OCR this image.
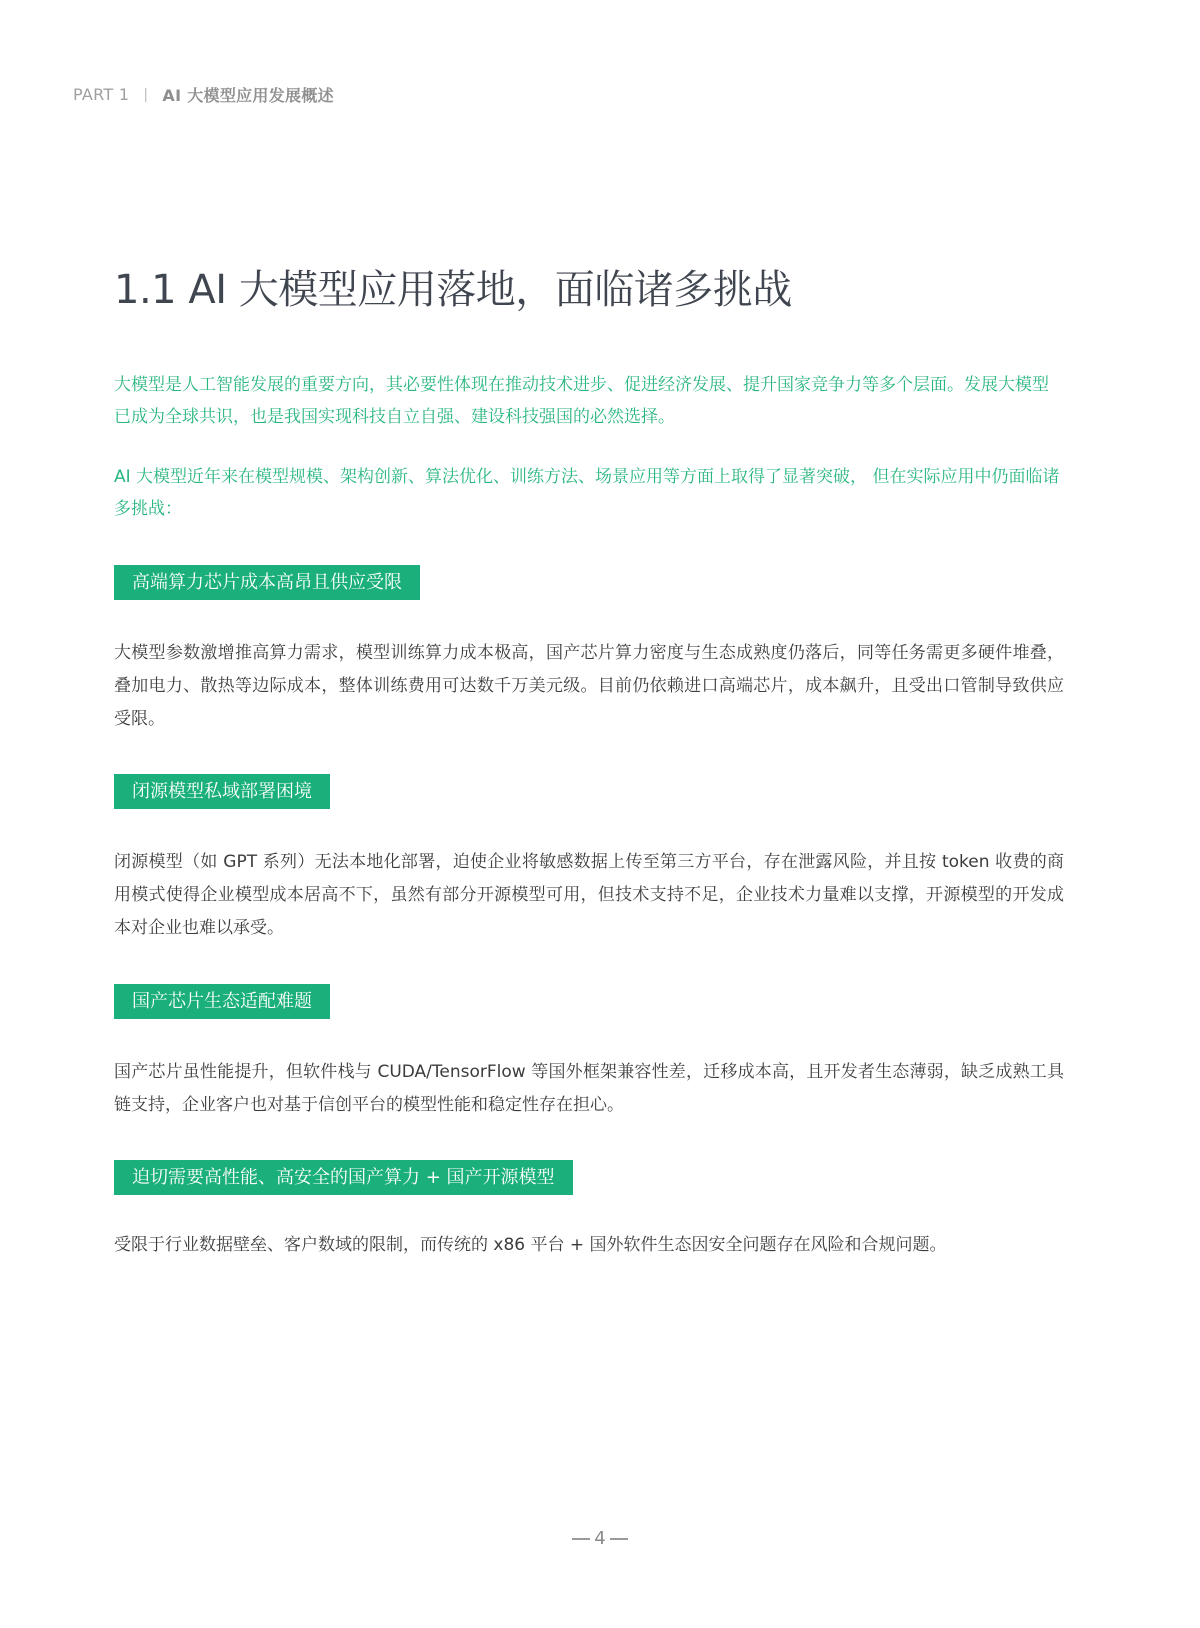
PART 1 | AI 大模型应用发展概述
1.1 AI 大模型应用落地，面临诸多挑战

大模型是人工智能发展的重要方向，其必要性体现在推动技术进步、促进经济发展、提升国家竞争力等多个层面。发展大模型已成为全球共识，也是我国实现科技自立自强、建设科技强国的必然选择。

AI 大模型近年来在模型规模、架构创新、算法优化、训练方法、场景应用等方面上取得了显著突破， 但在实际应用中仍面临诸多挑战：

高端算力芯片成本高昂且供应受限

大模型参数激增推高算力需求，模型训练算力成本极高，国产芯片算力密度与生态成熟度仍落后，同等任务需更多硬件堆叠，叠加电力、散热等边际成本，整体训练费用可达数千万美元级。目前仍依赖进口高端芯片，成本飙升，且受出口管制导致供应受限。

闭源模型私域部署困境

闭源模型（如 GPT 系列）无法本地化部署，迫使企业将敏感数据上传至第三方平台，存在泄露风险，并且按 token 收费的商用模式使得企业模型成本居高不下，虽然有部分开源模型可用，但技术支持不足，企业技术力量难以支撑，开源模型的开发成本对企业也难以承受。

国产芯片生态适配难题

国产芯片虽性能提升，但软件栈与 CUDA/TensorFlow 等国外框架兼容性差，迁移成本高，且开发者生态薄弱，缺乏成熟工具链支持，企业客户也对基于信创平台的模型性能和稳定性存在担心。

迫切需要高性能、高安全的国产算力 + 国产开源模型

受限于行业数据壁垒、客户数域的限制，而传统的 x86 平台 + 国外软件生态因安全问题存在风险和合规问题。

4
